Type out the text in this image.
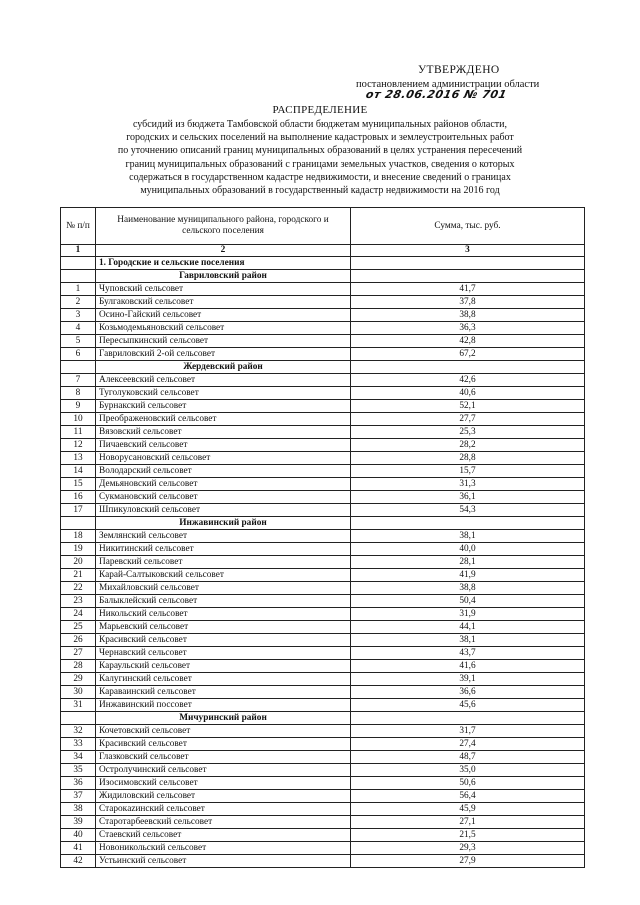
УТВЕРЖДЕНО
постановлением администрации области
от 28.06.2016 № 701
РАСПРЕДЕЛЕНИЕ
субсидий из бюджета Тамбовской области бюджетам муниципальных районов области,
городских и сельских поселений на выполнение кадастровых и землеустроительных работ
по уточнению описаний границ муниципальных образований в целях устранения пересечений
границ муниципальных образований с границами земельных участков, сведения о которых
содержаться в государственном кадастре недвижимости, и внесение сведений о границах
муниципальных образований в государственный кадастр недвижимости на 2016 год
№ п/п	Наименование муниципального района, городского и сельского поселения	Сумма, тыс. руб.
1	2	3
	1. Городские и сельские поселения	
	Гавриловский район	
1	Чуповский сельсовет	41,7
2	Булгаковский сельсовет	37,8
3	Осино-Гайский сельсовет	38,8
4	Козьмодемьяновский сельсовет	36,3
5	Пересыпкинский сельсовет	42,8
6	Гавриловский 2-ой сельсовет	67,2
	Жердевский район	
7	Алексеевский сельсовет	42,6
8	Туголуковский сельсовет	40,6
9	Бурнакский сельсовет	52,1
10	Преображеновский сельсовет	27,7
11	Вязовский сельсовет	25,3
12	Пичаевский сельсовет	28,2
13	Новорусановский сельсовет	28,8
14	Володарский сельсовет	15,7
15	Демьяновский сельсовет	31,3
16	Сукмановский сельсовет	36,1
17	Шпикуловский сельсовет	54,3
	Инжавинский район	
18	Землянский сельсовет	38,1
19	Никитинский сельсовет	40,0
20	Паревский сельсовет	28,1
21	Карай-Салтыковский сельсовет	41,9
22	Михайловский сельсовет	38,8
23	Балыклейский сельсовет	50,4
24	Никольский сельсовет	31,9
25	Марьевский сельсовет	44,1
26	Красивский сельсовет	38,1
27	Чернавский сельсовет	43,7
28	Караульский сельсовет	41,6
29	Калугинский сельсовет	39,1
30	Караваинский сельсовет	36,6
31	Инжавинский поссовет	45,6
	Мичуринский район	
32	Кочетовский сельсовет	31,7
33	Красивский сельсовет	27,4
34	Глазковский сельсовет	48,7
35	Остролучинский сельсовет	35,0
36	Изосимовский сельсовет	50,6
37	Жидиловский сельсовет	56,4
38	Старокazинский сельсовет	45,9
39	Старотарбеевский сельсовет	27,1
40	Стаевский сельсовет	21,5
41	Новоникольский сельсовет	29,3
42	Устьинский сельсовет	27,9
